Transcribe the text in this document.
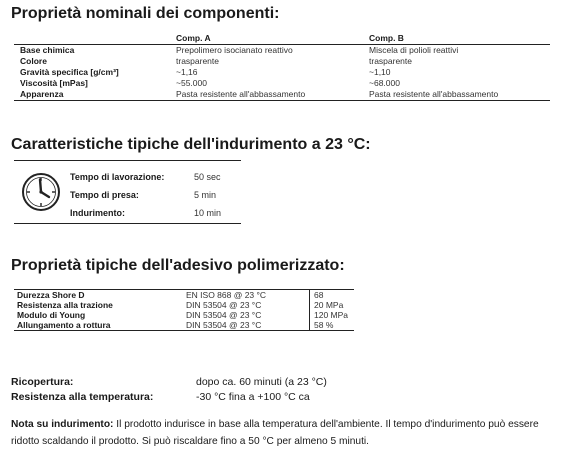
Proprietà nominali dei componenti:
	Comp. A	Comp. B
Base chimica	Prepolimero isocianato reattivo	Miscela di polioli reattivi
Colore	trasparente	trasparente
Gravità specifica [g/cm³]	~1,16	~1,10
Viscosità [mPas]	~55.000	~68.000
Apparenza	Pasta resistente all'abbassamento	Pasta resistente all'abbassamento
Caratteristiche tipiche dell'indurimento a 23 °C:
Tempo di lavorazione:	50 sec
Tempo di presa:	5 min
Indurimento:	10 min
Proprietà tipiche dell'adesivo polimerizzato:
Durezza Shore D	EN ISO 868 @ 23 °C	68
Resistenza alla trazione	DIN 53504 @ 23 °C	20 MPa
Modulo di Young	DIN 53504 @ 23 °C	120 MPa
Allungamento a rottura	DIN 53504 @ 23 °C	58 %
Ricopertura:	dopo ca. 60 minuti (a 23 °C)
Resistenza alla temperatura:	-30 °C fina a +100 °C ca

Nota su indurimento: Il prodotto indurisce in base alla temperatura dell'ambiente. Il tempo d'indurimento può essere ridotto scaldando il prodotto. Si può riscaldare fino a 50 °C per almeno 5 minuti.
